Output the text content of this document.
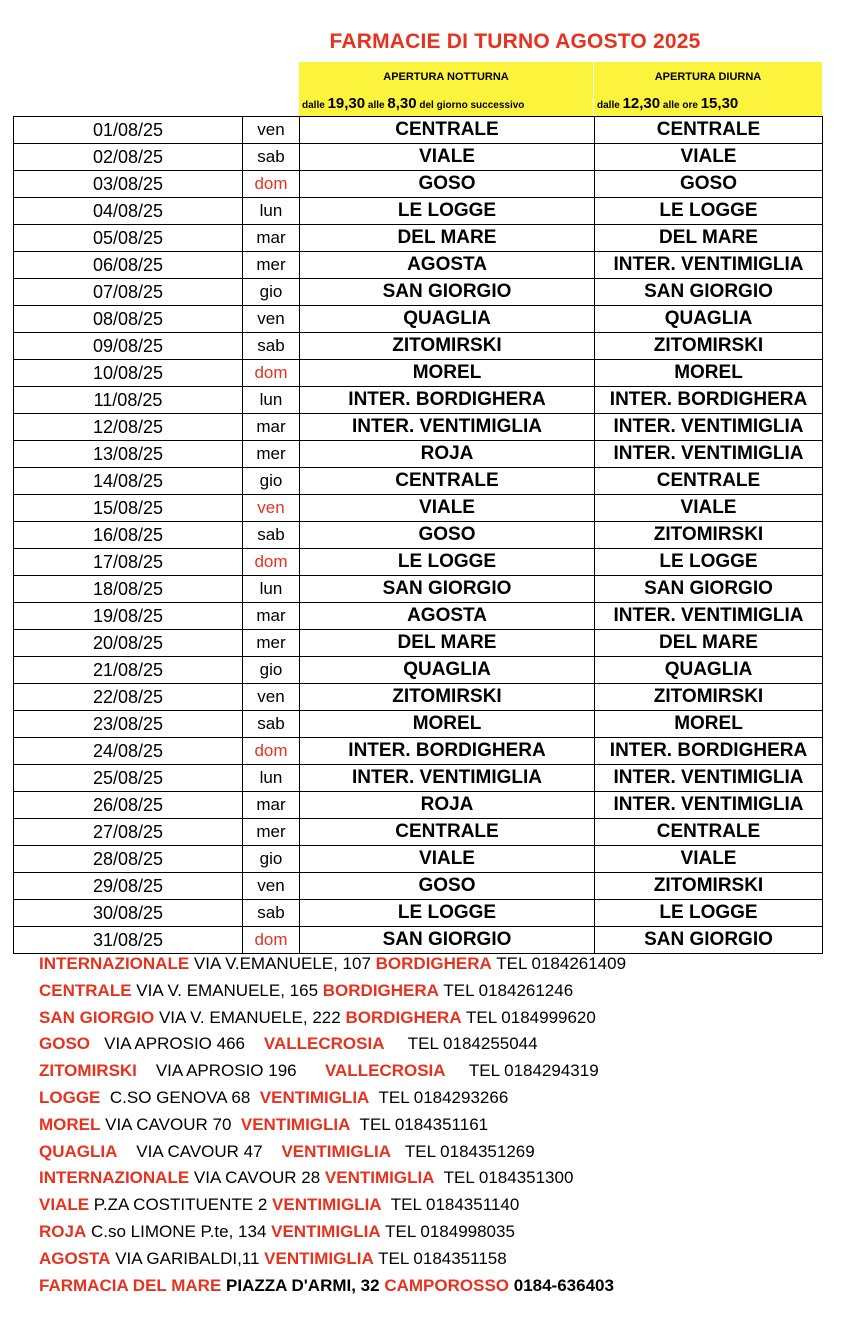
FARMACIE DI TURNO AGOSTO 2025
APERTURA NOTTURNA	APERTURA DIURNA
dalle 19,30 alle 8,30 del giorno successivo	dalle 12,30 alle ore 15,30
01/08/25	ven	CENTRALE	CENTRALE
02/08/25	sab	VIALE	VIALE
03/08/25	dom	GOSO	GOSO
04/08/25	lun	LE LOGGE	LE LOGGE
05/08/25	mar	DEL MARE	DEL MARE
06/08/25	mer	AGOSTA	INTER. VENTIMIGLIA
07/08/25	gio	SAN GIORGIO	SAN GIORGIO
08/08/25	ven	QUAGLIA	QUAGLIA
09/08/25	sab	ZITOMIRSKI	ZITOMIRSKI
10/08/25	dom	MOREL	MOREL
11/08/25	lun	INTER. BORDIGHERA	INTER. BORDIGHERA
12/08/25	mar	INTER. VENTIMIGLIA	INTER. VENTIMIGLIA
13/08/25	mer	ROJA	INTER. VENTIMIGLIA
14/08/25	gio	CENTRALE	CENTRALE
15/08/25	ven	VIALE	VIALE
16/08/25	sab	GOSO	ZITOMIRSKI
17/08/25	dom	LE LOGGE	LE LOGGE
18/08/25	lun	SAN GIORGIO	SAN GIORGIO
19/08/25	mar	AGOSTA	INTER. VENTIMIGLIA
20/08/25	mer	DEL MARE	DEL MARE
21/08/25	gio	QUAGLIA	QUAGLIA
22/08/25	ven	ZITOMIRSKI	ZITOMIRSKI
23/08/25	sab	MOREL	MOREL
24/08/25	dom	INTER. BORDIGHERA	INTER. BORDIGHERA
25/08/25	lun	INTER. VENTIMIGLIA	INTER. VENTIMIGLIA
26/08/25	mar	ROJA	INTER. VENTIMIGLIA
27/08/25	mer	CENTRALE	CENTRALE
28/08/25	gio	VIALE	VIALE
29/08/25	ven	GOSO	ZITOMIRSKI
30/08/25	sab	LE LOGGE	LE LOGGE
31/08/25	dom	SAN GIORGIO	SAN GIORGIO
INTERNAZIONALE VIA V.EMANUELE, 107 BORDIGHERA TEL 0184261409
CENTRALE VIA V. EMANUELE, 165 BORDIGHERA TEL 0184261246
SAN GIORGIO VIA V. EMANUELE, 222 BORDIGHERA TEL 0184999620
GOSO   VIA APROSIO 466    VALLECROSIA     TEL 0184255044
ZITOMIRSKI    VIA APROSIO 196      VALLECROSIA     TEL 0184294319
LOGGE  C.SO GENOVA 68  VENTIMIGLIA  TEL 0184293266
MOREL VIA CAVOUR 70  VENTIMIGLIA  TEL 0184351161
QUAGLIA    VIA CAVOUR 47    VENTIMIGLIA   TEL 0184351269
INTERNAZIONALE VIA CAVOUR 28 VENTIMIGLIA  TEL 0184351300
VIALE P.ZA COSTITUENTE 2 VENTIMIGLIA  TEL 0184351140
ROJA C.so LIMONE P.te, 134 VENTIMIGLIA TEL 0184998035
AGOSTA VIA GARIBALDI,11 VENTIMIGLIA TEL 0184351158
FARMACIA DEL MARE PIAZZA D'ARMI, 32 CAMPOROSSO 0184-636403
